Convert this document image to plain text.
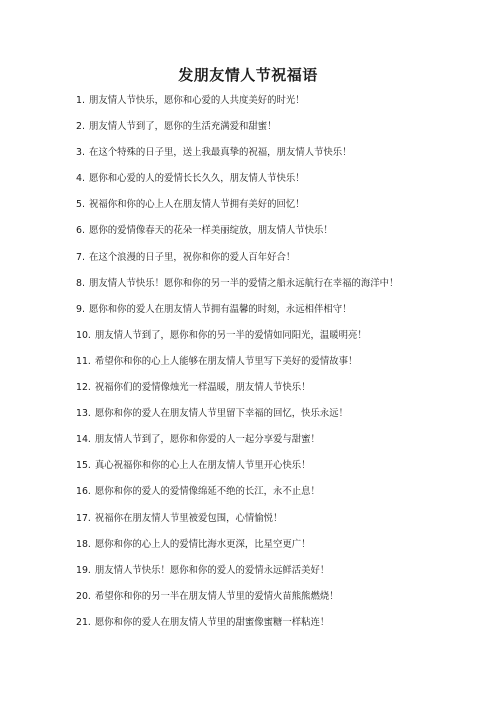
发朋友情人节祝福语
1. 朋友情人节快乐，愿你和心爱的人共度美好的时光！
2. 朋友情人节到了，愿你的生活充满爱和甜蜜！
3. 在这个特殊的日子里，送上我最真挚的祝福，朋友情人节快乐！
4. 愿你和心爱的人的爱情长长久久，朋友情人节快乐！
5. 祝福你和你的心上人在朋友情人节拥有美好的回忆！
6. 愿你的爱情像春天的花朵一样美丽绽放，朋友情人节快乐！
7. 在这个浪漫的日子里，祝你和你的爱人百年好合！
8. 朋友情人节快乐！愿你和你的另一半的爱情之船永远航行在幸福的海洋中！
9. 愿你和你的爱人在朋友情人节拥有温馨的时刻，永远相伴相守！
10. 朋友情人节到了，愿你和你的另一半的爱情如同阳光，温暖明亮！
11. 希望你和你的心上人能够在朋友情人节里写下美好的爱情故事！
12. 祝福你们的爱情像烛光一样温暖，朋友情人节快乐！
13. 愿你和你的爱人在朋友情人节里留下幸福的回忆，快乐永远！
14. 朋友情人节到了，愿你和你爱的人一起分享爱与甜蜜！
15. 真心祝福你和你的心上人在朋友情人节里开心快乐！
16. 愿你和你的爱人的爱情像绵延不绝的长江，永不止息！
17. 祝福你在朋友情人节里被爱包围，心情愉悦！
18. 愿你和你的心上人的爱情比海水更深，比星空更广！
19. 朋友情人节快乐！愿你和你的爱人的爱情永远鲜活美好！
20. 希望你和你的另一半在朋友情人节里的爱情火苗熊熊燃烧！
21. 愿你和你的爱人在朋友情人节里的甜蜜像蜜糖一样粘连！
